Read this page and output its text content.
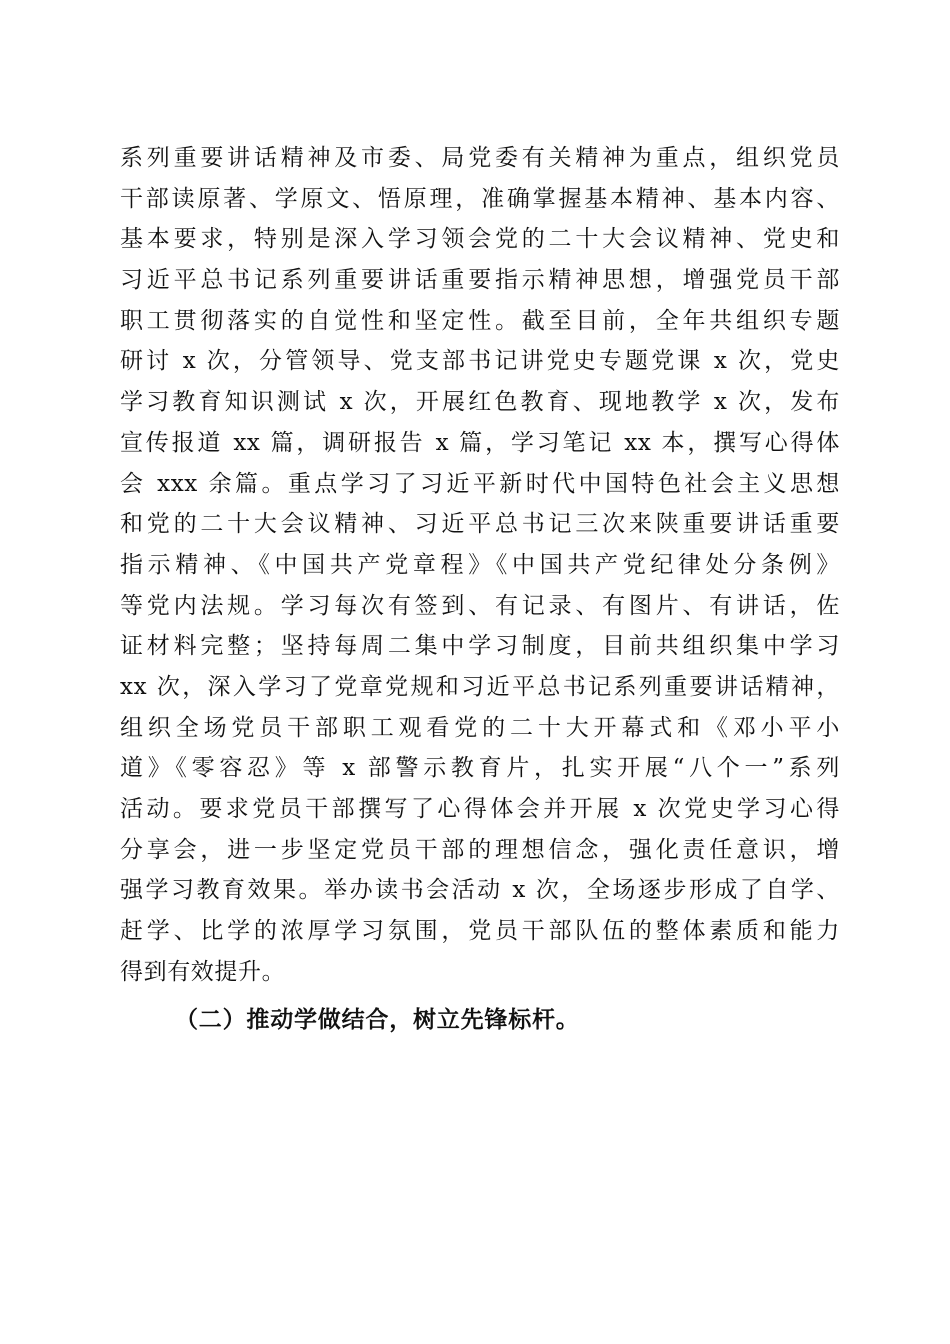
系列重要讲话精神及市委、局党委有关精神为重点，组织党员
干部读原著、学原文、悟原理，准确掌握基本精神、基本内容、
基本要求，特别是深入学习领会党的二十大会议精神、党史和
习近平总书记系列重要讲话重要指示精神思想，增强党员干部
职工贯彻落实的自觉性和坚定性。截至目前，全年共组织专题
研讨 x 次，分管领导、党支部书记讲党史专题党课 x 次，党史
学习教育知识测试 x 次，开展红色教育、现地教学 x 次，发布
宣传报道 xx 篇，调研报告 x 篇，学习笔记 xx 本，撰写心得体
会 xxx 余篇。重点学习了习近平新时代中国特色社会主义思想
和党的二十大会议精神、习近平总书记三次来陕重要讲话重要
指示精神、《中国共产党章程》《中国共产党纪律处分条例》
等党内法规。学习每次有签到、有记录、有图片、有讲话，佐
证材料完整；坚持每周二集中学习制度，目前共组织集中学习
xx 次，深入学习了党章党规和习近平总书记系列重要讲话精神，
组织全场党员干部职工观看党的二十大开幕式和《邓小平小
道》《零容忍》等 x 部警示教育片，扎实开展“八个一”系列
活动。要求党员干部撰写了心得体会并开展 x 次党史学习心得
分享会，进一步坚定党员干部的理想信念，强化责任意识，增
强学习教育效果。举办读书会活动 x 次，全场逐步形成了自学、
赶学、比学的浓厚学习氛围，党员干部队伍的整体素质和能力
得到有效提升。
（二）推动学做结合，树立先锋标杆。
